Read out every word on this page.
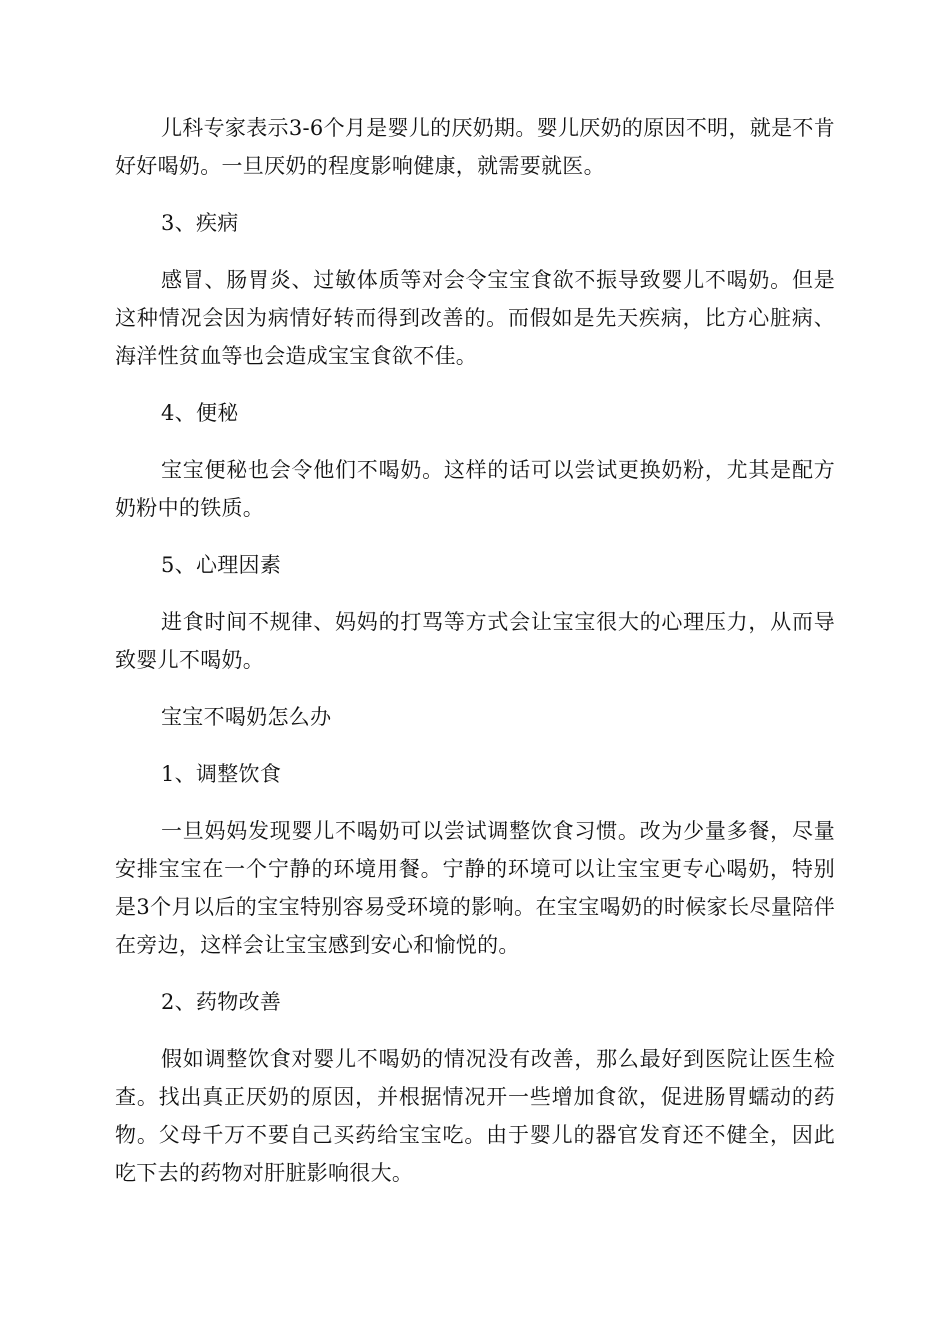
儿科专家表示3-6个月是婴儿的厌奶期。婴儿厌奶的原因不明，就是不肯好好喝奶。一旦厌奶的程度影响健康，就需要就医。

3、疾病

感冒、肠胃炎、过敏体质等对会令宝宝食欲不振导致婴儿不喝奶。但是这种情况会因为病情好转而得到改善的。而假如是先天疾病，比方心脏病、海洋性贫血等也会造成宝宝食欲不佳。

4、便秘

宝宝便秘也会令他们不喝奶。这样的话可以尝试更换奶粉，尤其是配方奶粉中的铁质。

5、心理因素

进食时间不规律、妈妈的打骂等方式会让宝宝很大的心理压力，从而导致婴儿不喝奶。

宝宝不喝奶怎么办

1、调整饮食

一旦妈妈发现婴儿不喝奶可以尝试调整饮食习惯。改为少量多餐，尽量安排宝宝在一个宁静的环境用餐。宁静的环境可以让宝宝更专心喝奶，特别是3个月以后的宝宝特别容易受环境的影响。在宝宝喝奶的时候家长尽量陪伴在旁边，这样会让宝宝感到安心和愉悦的。

2、药物改善

假如调整饮食对婴儿不喝奶的情况没有改善，那么最好到医院让医生检查。找出真正厌奶的原因，并根据情况开一些增加食欲，促进肠胃蠕动的药物。父母千万不要自己买药给宝宝吃。由于婴儿的器官发育还不健全，因此吃下去的药物对肝脏影响很大。
